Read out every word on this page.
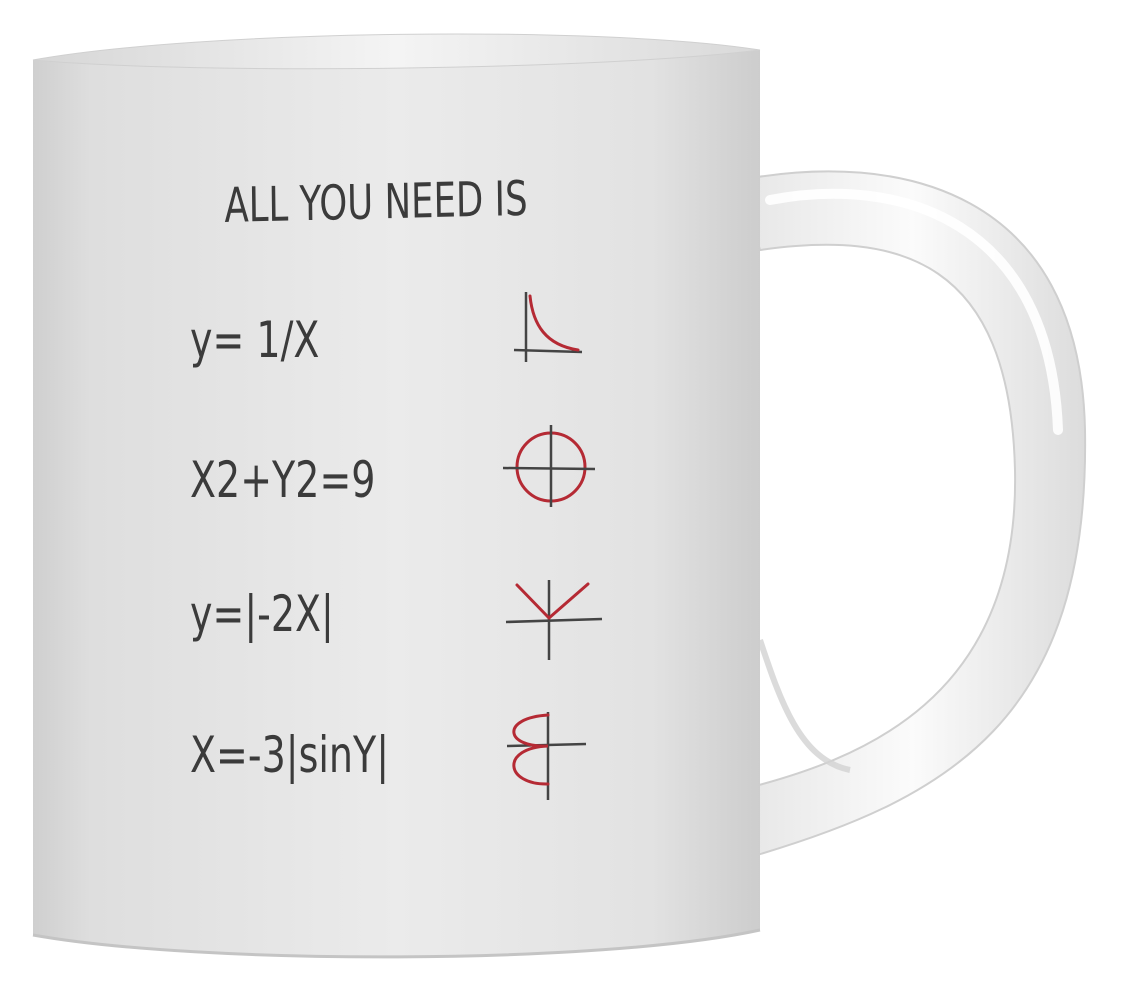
ALL YOU NEED IS
y= 1/X
X2+Y2=9
y=|-2X|
X=-3|sinY|
